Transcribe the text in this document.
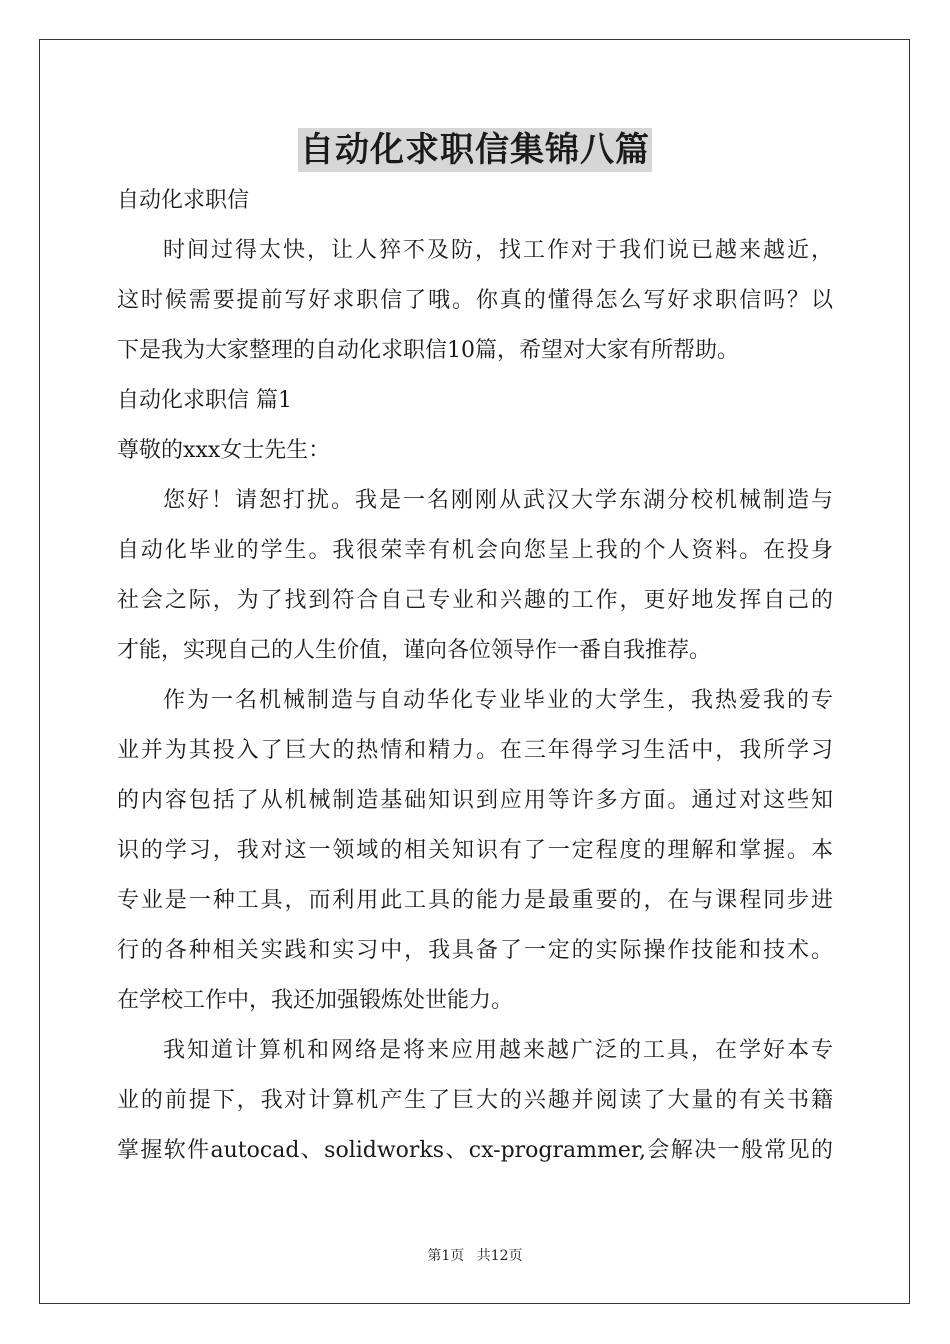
自动化求职信集锦八篇
自动化求职信
时间过得太快，让人猝不及防，找工作对于我们说已越来越近，
这时候需要提前写好求职信了哦。你真的懂得怎么写好求职信吗？以
下是我为大家整理的自动化求职信10篇，希望对大家有所帮助。
自动化求职信 篇1
尊敬的xxx女士先生：
您好！请恕打扰。我是一名刚刚从武汉大学东湖分校机械制造与
自动化毕业的学生。我很荣幸有机会向您呈上我的个人资料。在投身
社会之际，为了找到符合自己专业和兴趣的工作，更好地发挥自己的
才能，实现自己的人生价值，谨向各位领导作一番自我推荐。
作为一名机械制造与自动华化专业毕业的大学生，我热爱我的专
业并为其投入了巨大的热情和精力。在三年得学习生活中，我所学习
的内容包括了从机械制造基础知识到应用等许多方面。通过对这些知
识的学习，我对这一领域的相关知识有了一定程度的理解和掌握。本
专业是一种工具，而利用此工具的能力是最重要的，在与课程同步进
行的各种相关实践和实习中，我具备了一定的实际操作技能和技术。
在学校工作中，我还加强锻炼处世能力。
我知道计算机和网络是将来应用越来越广泛的工具，在学好本专
业的前提下，我对计算机产生了巨大的兴趣并阅读了大量的有关书籍
掌握软件autocad、solidworks、cx-programmer,会解决一般常见的
第1页 共12页
